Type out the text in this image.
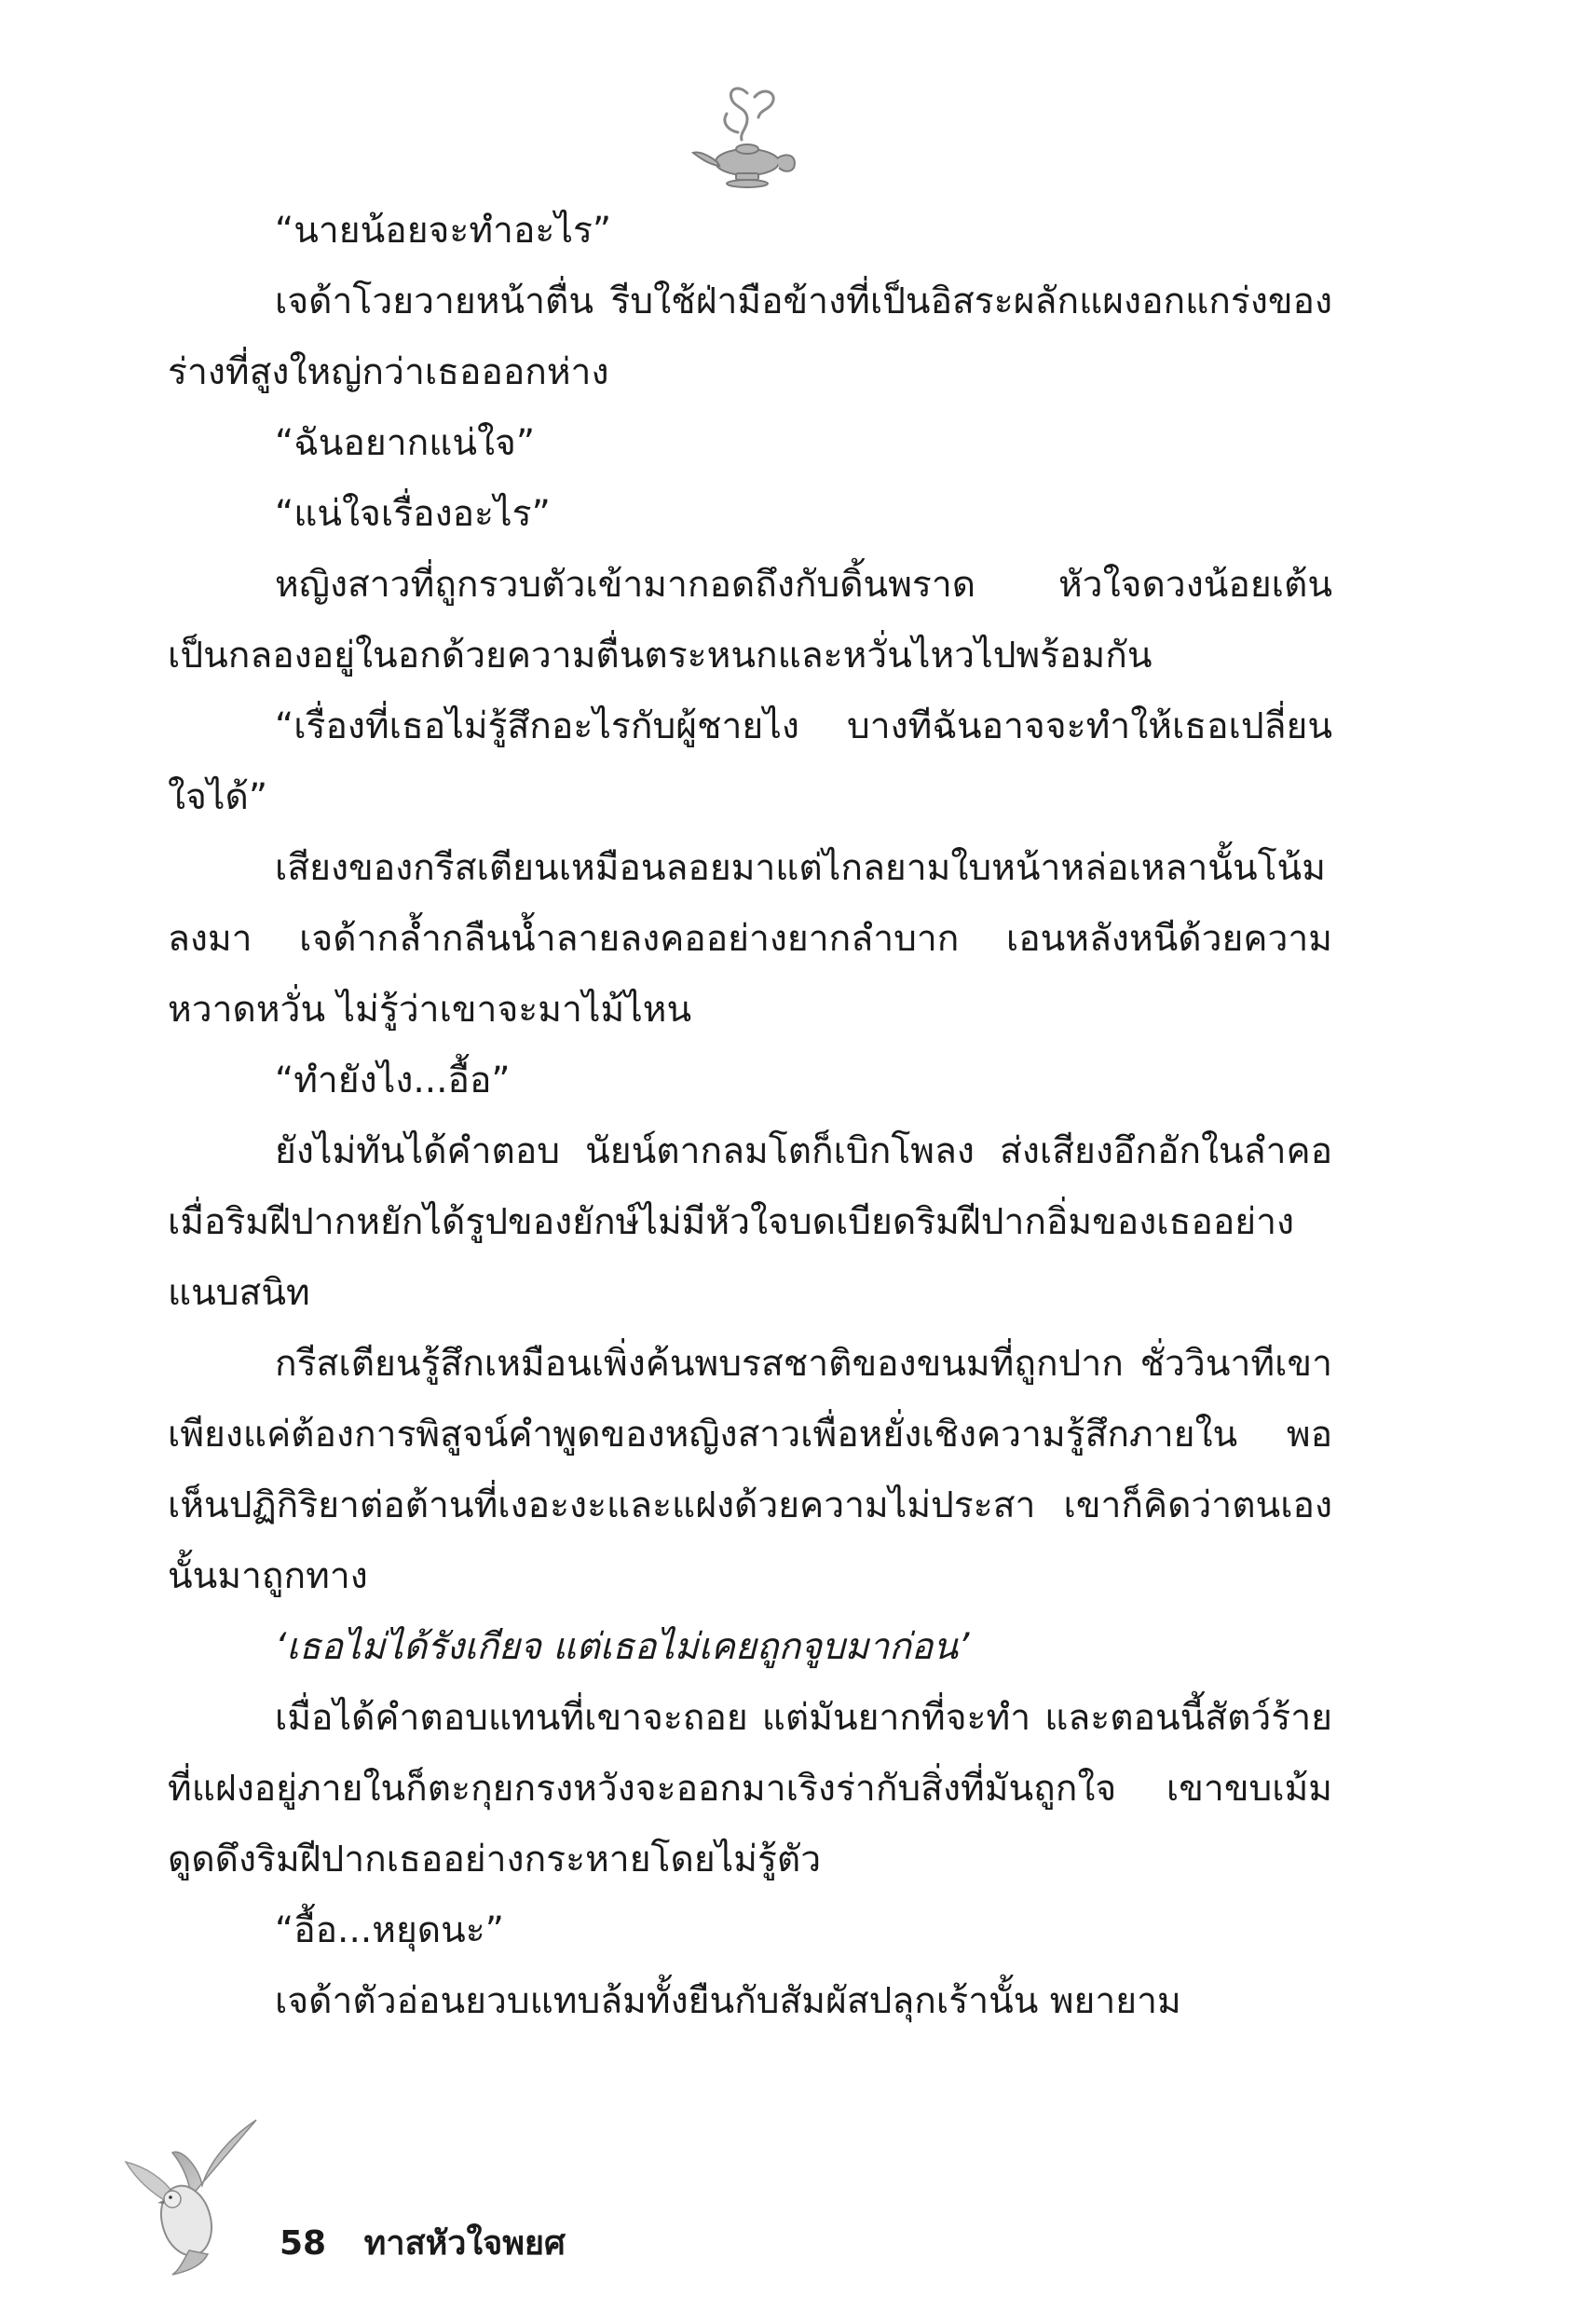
“นายน้อยจะทำอะไร”

เจด้าโวยวายหน้าตื่น รีบใช้ฝ่ามือข้างที่เป็นอิสระผลักแผงอกแกร่งของร่างที่สูงใหญ่กว่าเธอออกห่าง

“ฉันอยากแน่ใจ”

“แน่ใจเรื่องอะไร”

หญิงสาวที่ถูกรวบตัวเข้ามากอดถึงกับดิ้นพราด หัวใจดวงน้อยเต้นเป็นกลองอยู่ในอกด้วยความตื่นตระหนกและหวั่นไหวไปพร้อมกัน

“เรื่องที่เธอไม่รู้สึกอะไรกับผู้ชายไง บางทีฉันอาจจะทำให้เธอเปลี่ยนใจได้”

เสียงของกรีสเตียนเหมือนลอยมาแต่ไกลยามใบหน้าหล่อเหลานั้นโน้มลงมา เจด้ากล้ำกลืนน้ำลายลงคออย่างยากลำบาก เอนหลังหนีด้วยความหวาดหวั่น ไม่รู้ว่าเขาจะมาไม้ไหน

“ทำยังไง...อื้อ”

ยังไม่ทันได้คำตอบ นัยน์ตากลมโตก็เบิกโพลง ส่งเสียงอึกอักในลำคอเมื่อริมฝีปากหยักได้รูปของยักษ์ไม่มีหัวใจบดเบียดริมฝีปากอิ่มของเธออย่างแนบสนิท

กรีสเตียนรู้สึกเหมือนเพิ่งค้นพบรสชาติของขนมที่ถูกปาก ชั่ววินาทีเขาเพียงแค่ต้องการพิสูจน์คำพูดของหญิงสาวเพื่อหยั่งเชิงความรู้สึกภายใน พอเห็นปฏิกิริยาต่อต้านที่เงอะงะและแฝงด้วยความไม่ประสา เขาก็คิดว่าตนเองนั้นมาถูกทาง

‘เธอไม่ได้รังเกียจ แต่เธอไม่เคยถูกจูบมาก่อน’

เมื่อได้คำตอบแทนที่เขาจะถอย แต่มันยากที่จะทำ และตอนนี้สัตว์ร้ายที่แฝงอยู่ภายในก็ตะกุยกรงหวังจะออกมาเริงร่ากับสิ่งที่มันถูกใจ เขาขบเม้มดูดดึงริมฝีปากเธออย่างกระหายโดยไม่รู้ตัว

“อื้อ...หยุดนะ”

เจด้าตัวอ่อนยวบแทบล้มทั้งยืนกับสัมผัสปลุกเร้านั้น พยายาม

58 ทาสหัวใจพยศ
